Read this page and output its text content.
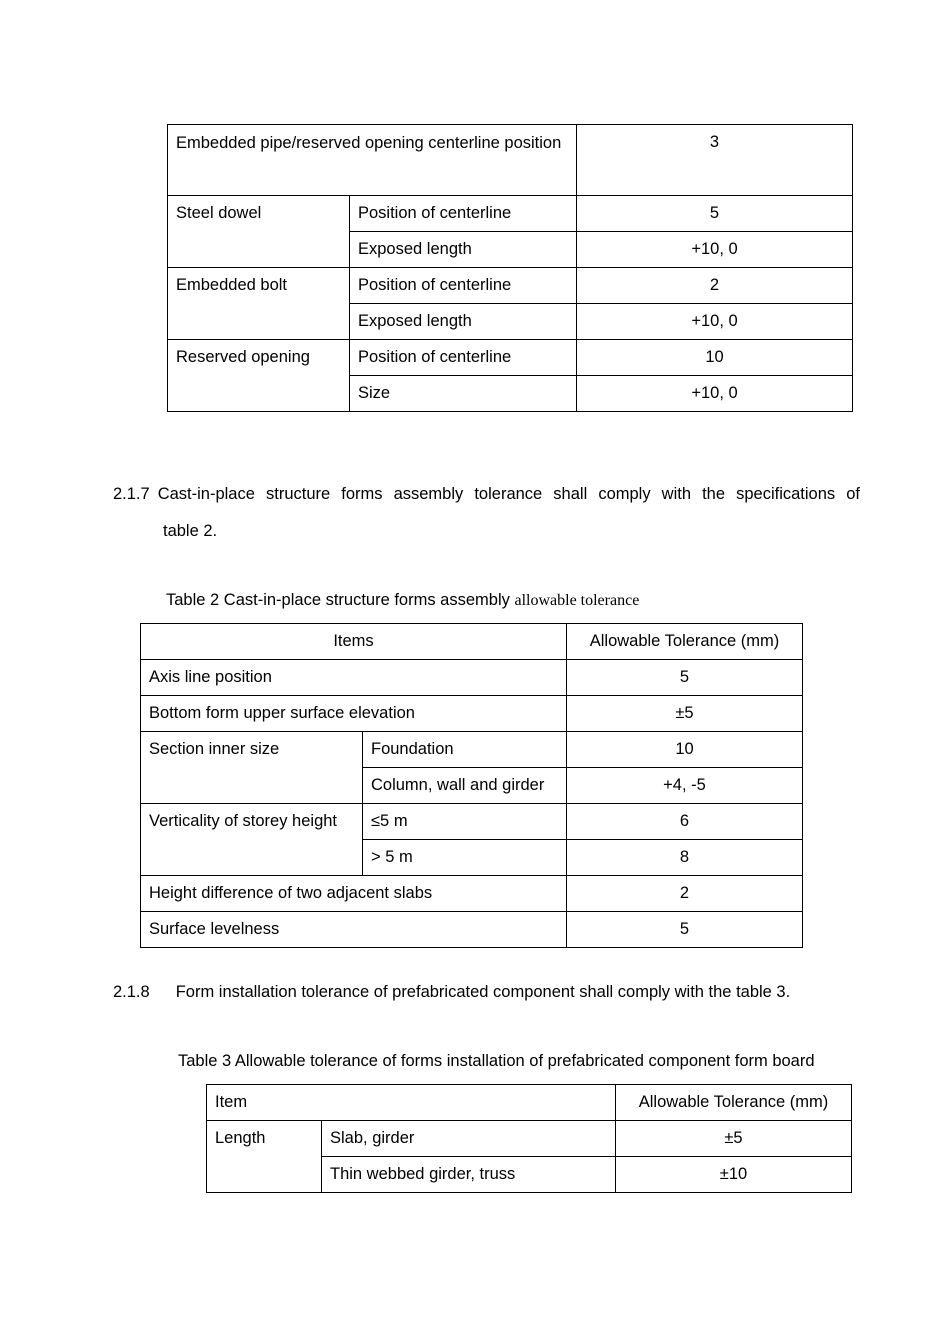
Embedded pipe/reserved opening centerline position		3
Steel dowel	Position of centerline	5
	Exposed length	+10, 0
Embedded bolt	Position of centerline	2
	Exposed length	+10, 0
Reserved opening	Position of centerline	10
	Size	+10, 0
2.1.7 Cast-in-place structure forms assembly tolerance shall comply with the specifications of
table 2.
Table 2 Cast-in-place structure forms assembly allowable tolerance
Items		Allowable Tolerance (mm)
Axis line position		5
Bottom form upper surface elevation		±5
Section inner size	Foundation	10
	Column, wall and girder	+4, -5
Verticality of storey height	≤5 m	6
	> 5 m	8
Height difference of two adjacent slabs		2
Surface levelness		5
2.1.8 Form installation tolerance of prefabricated component shall comply with the table 3.
Table 3 Allowable tolerance of forms installation of prefabricated component form board
Item		Allowable Tolerance (mm)
Length	Slab, girder	±5
	Thin webbed girder, truss	±10
